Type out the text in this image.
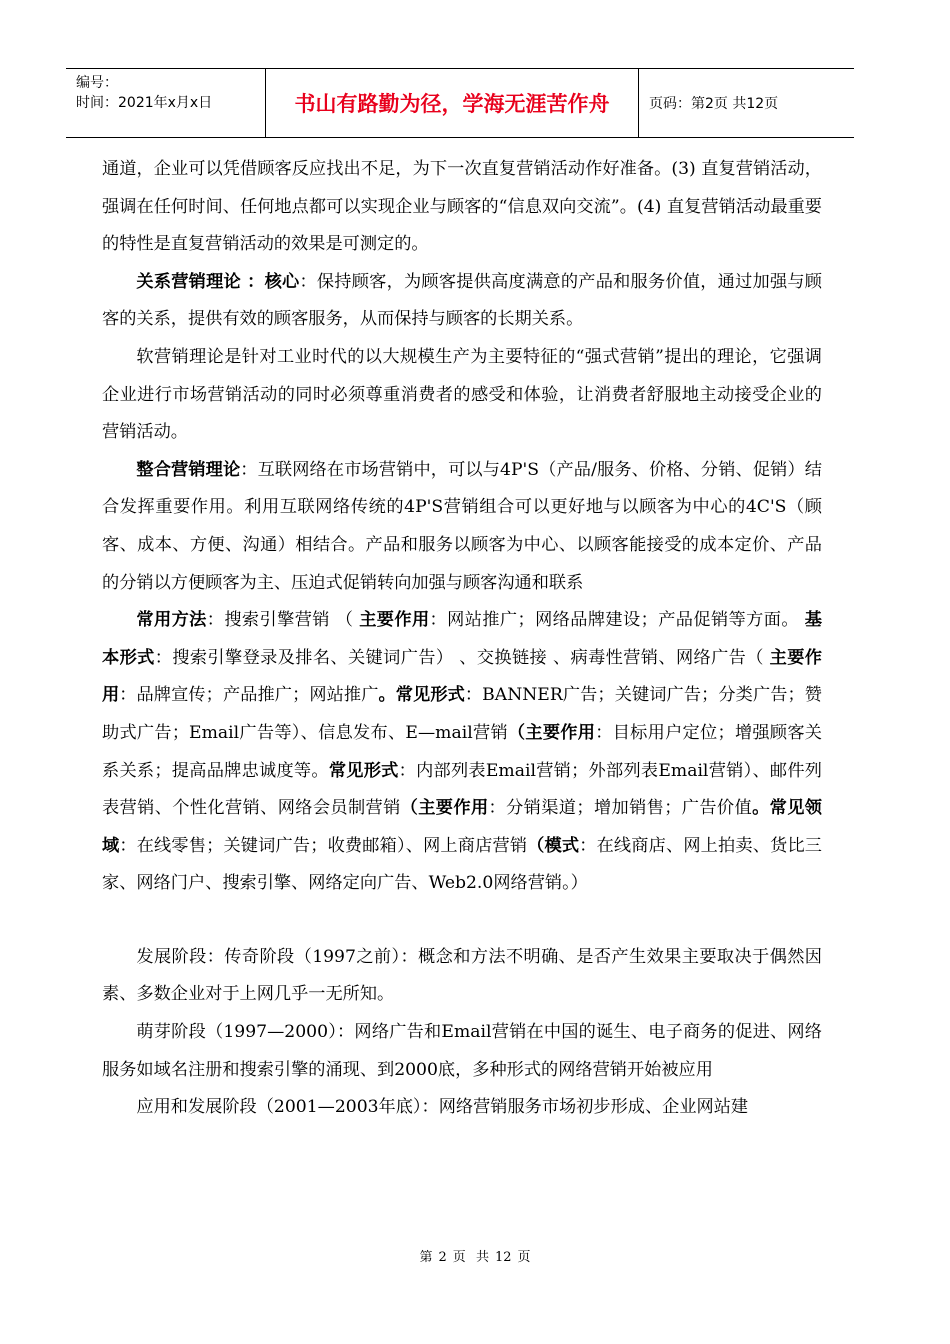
编号：
时间：2021年x月x日	书山有路勤为径，学海无涯苦作舟	页码：第2页 共12页

通道，企业可以凭借顾客反应找出不足，为下一次直复营销活动作好准备。(3) 直复营销活动，强调在任何时间、任何地点都可以实现企业与顾客的“信息双向交流”。(4) 直复营销活动最重要的特性是直复营销活动的效果是可测定的。

关系营销理论 ：核心：保持顾客，为顾客提供高度满意的产品和服务价值，通过加强与顾客的关系，提供有效的顾客服务，从而保持与顾客的长期关系。

软营销理论是针对工业时代的以大规模生产为主要特征的“强式营销”提出的理论，它强调企业进行市场营销活动的同时必须尊重消费者的感受和体验，让消费者舒服地主动接受企业的营销活动。

整合营销理论：互联网络在市场营销中，可以与4P'S（产品/服务、价格、分销、促销）结合发挥重要作用。利用互联网络传统的4P'S营销组合可以更好地与以顾客为中心的4C'S（顾客、成本、方便、沟通）相结合。产品和服务以顾客为中心、以顾客能接受的成本定价、产品的分销以方便顾客为主、压迫式促销转向加强与顾客沟通和联系

常用方法：搜索引擎营销 （ 主要作用：网站推广；网络品牌建设；产品促销等方面。 基本形式：搜索引擎登录及排名、关键词广告） 、交换链接 、病毒性营销、网络广告（ 主要作用：品牌宣传；产品推广；网站推广。常见形式：BANNER广告；关键词广告；分类广告；赞助式广告；Email广告等）、信息发布、E—mail营销（主要作用：目标用户定位；增强顾客关系关系；提高品牌忠诚度等。常见形式：内部列表Email营销；外部列表Email营销）、邮件列表营销、个性化营销、网络会员制营销（主要作用：分销渠道；增加销售；广告价值。常见领域：在线零售；关键词广告；收费邮箱）、网上商店营销（模式：在线商店、网上拍卖、货比三家、网络门户、搜索引擎、网络定向广告、Web2.0网络营销。）

发展阶段：传奇阶段（1997之前）：概念和方法不明确、是否产生效果主要取决于偶然因素、多数企业对于上网几乎一无所知。

萌芽阶段（1997—2000）：网络广告和Email营销在中国的诞生、电子商务的促进、网络服务如域名注册和搜索引擎的涌现、到2000底，多种形式的网络营销开始被应用

应用和发展阶段（2001—2003年底）：网络营销服务市场初步形成、企业网站建

第 2 页 共 12 页
